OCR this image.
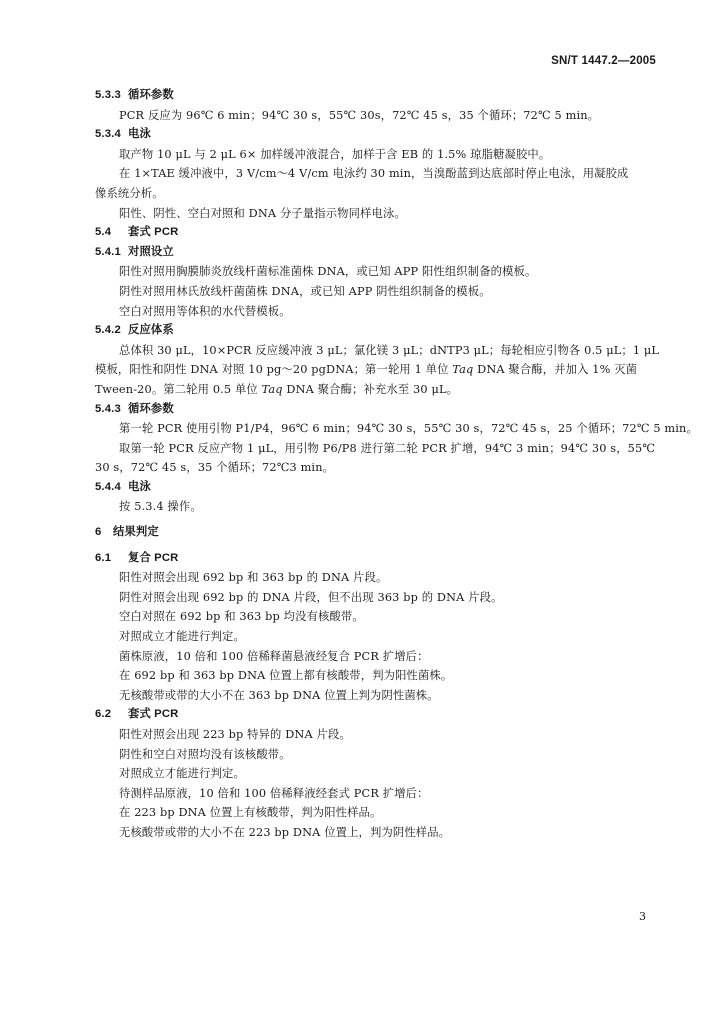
SN/T 1447.2—2005
5.3.3 循环参数
PCR 反应为 96℃ 6 min；94℃ 30 s，55℃ 30s，72℃ 45 s，35 个循环；72℃ 5 min。
5.3.4 电泳
取产物 10 μL 与 2 μL 6× 加样缓冲液混合，加样于含 EB 的 1.5% 琼脂糖凝胶中。
在 1×TAE 缓冲液中，3 V/cm～4 V/cm 电泳约 30 min，当溴酚蓝到达底部时停止电泳，用凝胶成
像系统分析。
阳性、阴性、空白对照和 DNA 分子量指示物同样电泳。
5.4 套式 PCR
5.4.1 对照设立
阳性对照用胸膜肺炎放线杆菌标准菌株 DNA，或已知 APP 阳性组织制备的模板。
阴性对照用林氏放线杆菌菌株 DNA，或已知 APP 阴性组织制备的模板。
空白对照用等体积的水代替模板。
5.4.2 反应体系
总体积 30 μL，10×PCR 反应缓冲液 3 μL；氯化镁 3 μL；dNTP3 μL；每轮相应引物各 0.5 μL；1 μL
模板，阳性和阴性 DNA 对照 10 pg～20 pgDNA；第一轮用 1 单位 Taq DNA 聚合酶，并加入 1% 灭菌
Tween-20。第二轮用 0.5 单位 Taq DNA 聚合酶；补充水至 30 μL。
5.4.3 循环参数
第一轮 PCR 使用引物 P1/P4，96℃ 6 min；94℃ 30 s，55℃ 30 s，72℃ 45 s，25 个循环；72℃ 5 min。
取第一轮 PCR 反应产物 1 μL，用引物 P6/P8 进行第二轮 PCR 扩增，94℃ 3 min；94℃ 30 s，55℃
30 s，72℃ 45 s，35 个循环；72℃3 min。
5.4.4 电泳
按 5.3.4 操作。
6 结果判定
6.1 复合 PCR
阳性对照会出现 692 bp 和 363 bp 的 DNA 片段。
阴性对照会出现 692 bp 的 DNA 片段，但不出现 363 bp 的 DNA 片段。
空白对照在 692 bp 和 363 bp 均没有核酸带。
对照成立才能进行判定。
菌株原液，10 倍和 100 倍稀释菌悬液经复合 PCR 扩增后：
在 692 bp 和 363 bp DNA 位置上都有核酸带，判为阳性菌株。
无核酸带或带的大小不在 363 bp DNA 位置上判为阴性菌株。
6.2 套式 PCR
阳性对照会出现 223 bp 特异的 DNA 片段。
阴性和空白对照均没有该核酸带。
对照成立才能进行判定。
待测样品原液，10 倍和 100 倍稀释液经套式 PCR 扩增后：
在 223 bp DNA 位置上有核酸带，判为阳性样品。
无核酸带或带的大小不在 223 bp DNA 位置上，判为阴性样品。
3
